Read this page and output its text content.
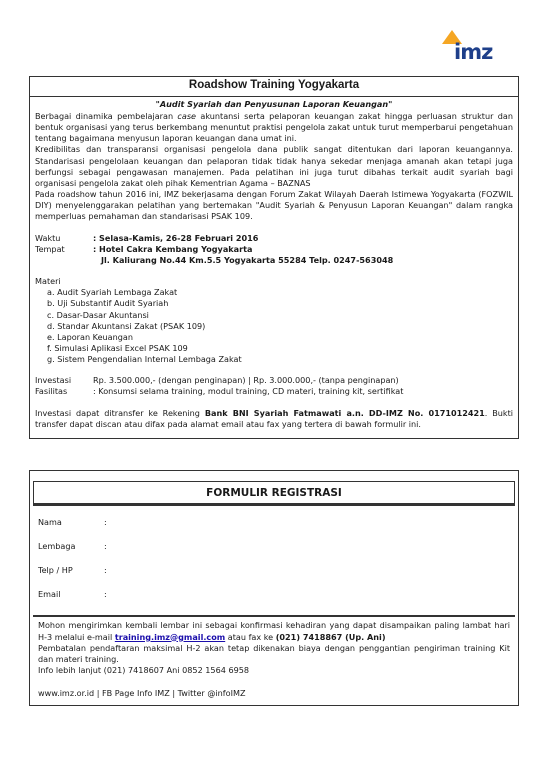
imz
Roadshow Training Yogyakarta
"Audit Syariah dan Penyusunan Laporan Keuangan"

Berbagai dinamika pembelajaran case akuntansi serta pelaporan keuangan zakat hingga perluasan struktur dan bentuk organisasi yang terus berkembang menuntut praktisi pengelola zakat untuk turut memperbarui pengetahuan tentang bagaimana menyusun laporan keuangan dana umat ini.

Kredibilitas dan transparansi organisasi pengelola dana publik sangat ditentukan dari laporan keuangannya. Standarisasi pengelolaan keuangan dan pelaporan tidak tidak hanya sekedar menjaga amanah akan tetapi juga berfungsi sebagai pengawasan manajemen. Pada pelatihan ini juga turut dibahas terkait audit syariah bagi organisasi pengelola zakat oleh pihak Kementrian Agama – BAZNAS

Pada roadshow tahun 2016 ini, IMZ bekerjasama dengan Forum Zakat Wilayah Daerah Istimewa Yogyakarta (FOZWIL DIY) menyelenggarakan pelatihan yang bertemakan "Audit Syariah & Penyusun Laporan Keuangan" dalam rangka memperluas pemahaman dan standarisasi PSAK 109.

Waktu	: Selasa-Kamis, 26-28 Februari 2016
Tempat	: Hotel Cakra Kembang Yogyakarta
Jl. Kaliurang No.44 Km.5.5 Yogyakarta 55284 Telp. 0247-563048
Materi
a. Audit Syariah Lembaga Zakat
b. Uji Substantif Audit Syariah
c. Dasar-Dasar Akuntansi
d. Standar Akuntansi Zakat (PSAK 109)
e. Laporan Keuangan
f. Simulasi Aplikasi Excel PSAK 109
g. Sistem Pengendalian Internal Lembaga Zakat
Investasi	Rp. 3.500.000,- (dengan penginapan) | Rp. 3.000.000,- (tanpa penginapan)
Fasilitas	: Konsumsi selama training, modul training, CD materi, training kit, sertifikat

Investasi dapat ditransfer ke Rekening Bank BNI Syariah Fatmawati a.n. DD-IMZ No. 0171012421. Bukti transfer dapat discan atau difax pada alamat email atau fax yang tertera di bawah formulir ini.

FORMULIR REGISTRASI
Nama	:
Lembaga	:
Telp / HP	:
Email	:

Mohon mengirimkan kembali lembar ini sebagai konfirmasi kehadiran yang dapat disampaikan paling lambat hari H-3 melalui e-mail training.imz@gmail.com atau fax ke (021) 7418867 (Up. Ani)

Pembatalan pendaftaran maksimal H-2 akan tetap dikenakan biaya dengan penggantian pengiriman training Kit dan materi training.

Info lebih lanjut (021) 7418607 Ani 0852 1564 6958

www.imz.or.id | FB Page Info IMZ | Twitter @infoIMZ
